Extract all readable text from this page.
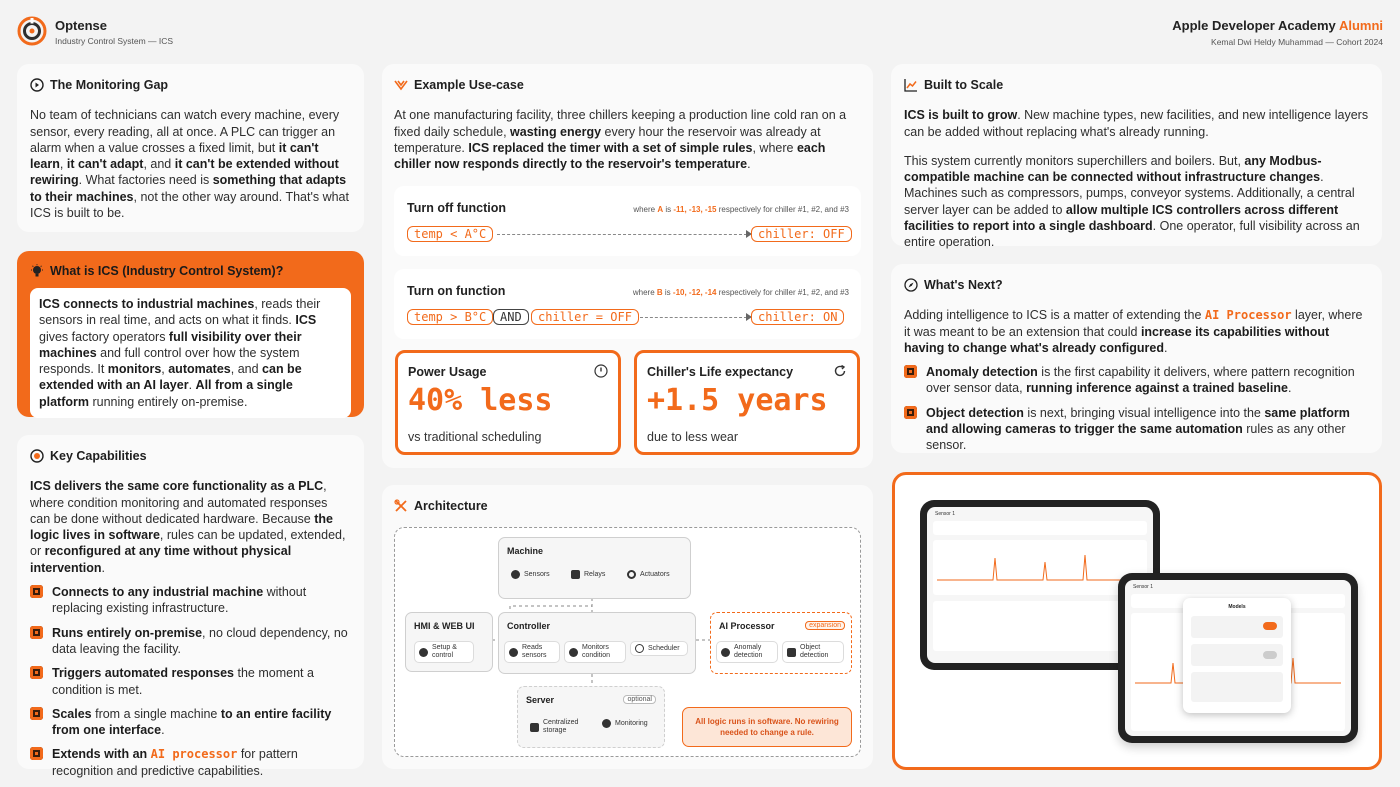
Optense
Industry Control System — ICS
Apple Developer Academy Alumni
Kemal Dwi Heldy Muhammad — Cohort 2024
The Monitoring Gap

No team of technicians can watch every machine, every sensor, every reading, all at once. A PLC can trigger an alarm when a value crosses a fixed limit, but it can't learn, it can't adapt, and it can't be extended without rewiring. What factories need is something that adapts to their machines, not the other way around. That's what ICS is built to be.

What is ICS (Industry Control System)?
ICS connects to industrial machines, reads their sensors in real time, and acts on what it finds. ICS gives factory operators full visibility over their machines and full control over how the system responds. It monitors, automates, and can be extended with an AI layer. All from a single platform running entirely on-premise.
Key Capabilities

ICS delivers the same core functionality as a PLC, where condition monitoring and automated responses can be done without dedicated hardware. Because the logic lives in software, rules can be updated, extended, or reconfigured at any time without physical intervention.

Connects to any industrial machine without replacing existing infrastructure.
Runs entirely on-premise, no cloud dependency, no data leaving the facility.
Triggers automated responses the moment a condition is met.
Scales from a single machine to an entire facility from one interface.
Extends with an AI processor for pattern recognition and predictive capabilities.
Example Use-case

At one manufacturing facility, three chillers keeping a production line cold ran on a fixed daily schedule, wasting energy every hour the reservoir was already at temperature. ICS replaced the timer with a set of simple rules, where each chiller now responds directly to the reservoir's temperature.

Turn off function	where A is -11, -13, -15 respectively for chiller #1, #2, and #3
temp < A°C	chiller: OFF
Turn on function	where B is -10, -12, -14 respectively for chiller #1, #2, and #3
temp > B°C	AND	chiller = OFF	chiller: ON
Power Usage
40% less
vs traditional scheduling
Chiller's Life expectancy
+1.5 years
due to less wear
Architecture
Machine
Sensors	Relays	Actuators
HMI & WEB UI
Setup & control
Controller
Reads sensors
Monitors condition
Scheduler
AI Processor	expansion
Anomaly detection
Object detection
Server	optional
Centralized storage
Monitoring	All logic runs in software. No rewiring needed to change a rule.
Built to Scale

ICS is built to grow. New machine types, new facilities, and new intelligence layers can be added without replacing what's already running.

This system currently monitors superchillers and boilers. But, any Modbus-compatible machine can be connected without infrastructure changes. Machines such as compressors, pumps, conveyor systems. Additionally, a central server layer can be added to allow multiple ICS controllers across different facilities to report into a single dashboard. One operator, full visibility across an entire operation.

What's Next?

Adding intelligence to ICS is a matter of extending the AI Processor layer, where it was meant to be an extension that could increase its capabilities without having to change what's already configured.

Anomaly detection is the first capability it delivers, where pattern recognition over sensor data, running inference against a trained baseline.
Object detection is next, bringing visual intelligence into the same platform and allowing cameras to trigger the same automation rules as any other sensor.
Sensor 1
Sensor 1
Models
